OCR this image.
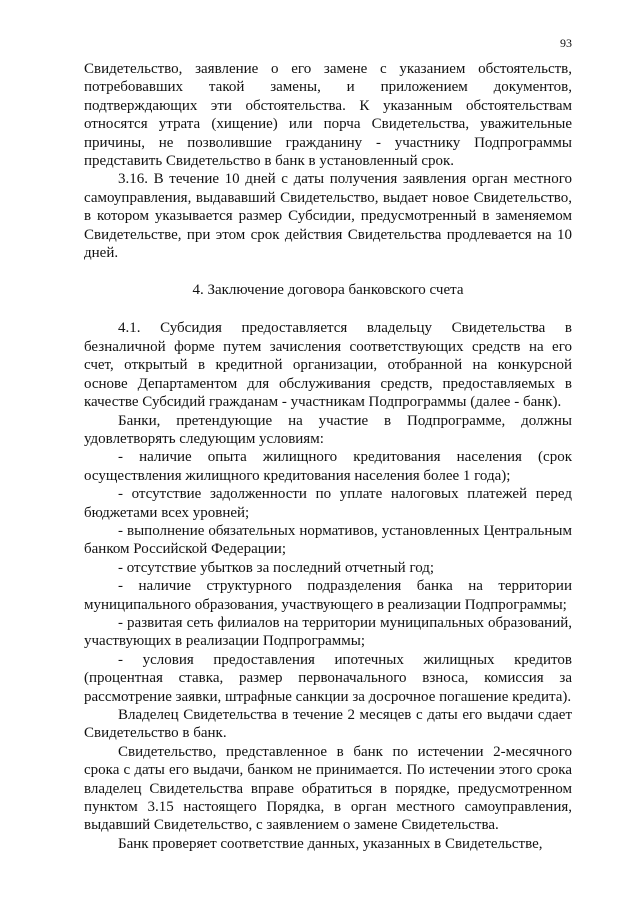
93

Свидетельство, заявление о его замене с указанием обстоятельств, потребовавших такой замены, и приложением документов, подтверждающих эти обстоятельства. К указанным обстоятельствам относятся утрата (хищение) или порча Свидетельства, уважительные причины, не позволившие гражданину - участнику Подпрограммы представить Свидетельство в банк в установленный срок.

3.16. В течение 10 дней с даты получения заявления орган местного самоуправления, выдававший Свидетельство, выдает новое Свидетельство, в котором указывается размер Субсидии, предусмотренный в заменяемом Свидетельстве, при этом срок действия Свидетельства продлевается на 10 дней.

4. Заключение договора банковского счета

4.1. Субсидия предоставляется владельцу Свидетельства в безналичной форме путем зачисления соответствующих средств на его счет, открытый в кредитной организации, отобранной на конкурсной основе Департаментом для обслуживания средств, предоставляемых в качестве Субсидий гражданам - участникам Подпрограммы (далее - банк).

Банки, претендующие на участие в Подпрограмме, должны удовлетворять следующим условиям:

- наличие опыта жилищного кредитования населения (срок осуществления жилищного кредитования населения более 1 года);

- отсутствие задолженности по уплате налоговых платежей перед бюджетами всех уровней;

- выполнение обязательных нормативов, установленных Центральным банком Российской Федерации;

- отсутствие убытков за последний отчетный год;

- наличие структурного подразделения банка на территории муниципального образования, участвующего в реализации Подпрограммы;

- развитая сеть филиалов на территории муниципальных образований, участвующих в реализации Подпрограммы;

- условия предоставления ипотечных жилищных кредитов (процентная ставка, размер первоначального взноса, комиссия за рассмотрение заявки, штрафные санкции за досрочное погашение кредита).

Владелец Свидетельства в течение 2 месяцев с даты его выдачи сдает Свидетельство в банк.

Свидетельство, представленное в банк по истечении 2-месячного срока с даты его выдачи, банком не принимается. По истечении этого срока владелец Свидетельства вправе обратиться в порядке, предусмотренном пунктом 3.15 настоящего Порядка, в орган местного самоуправления, выдавший Свидетельство, с заявлением о замене Свидетельства.

Банк проверяет соответствие данных, указанных в Свидетельстве,
